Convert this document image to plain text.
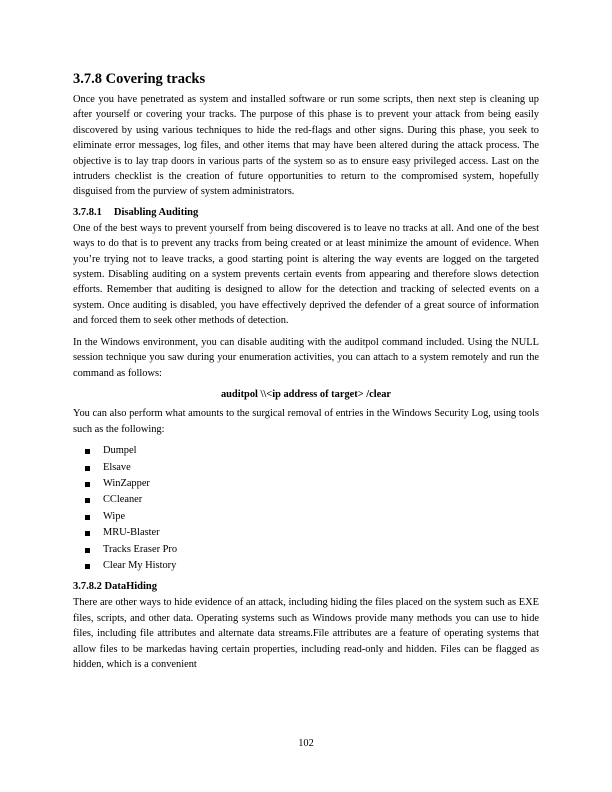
3.7.8 Covering tracks

Once you have penetrated as system and installed software or run some scripts, then next step is cleaning up after yourself or covering your tracks. The purpose of this phase is to prevent your attack from being easily discovered by using various techniques to hide the red-flags and other signs. During this phase, you seek to eliminate error messages, log files, and other items that may have been altered during the attack process. The objective is to lay trap doors in various parts of the system so as to ensure easy privileged access. Last on the intruders checklist is the creation of future opportunities to return to the compromised system, hopefully disguised from the purview of system administrators.

3.7.8.1 Disabling Auditing

One of the best ways to prevent yourself from being discovered is to leave no tracks at all. And one of the best ways to do that is to prevent any tracks from being created or at least minimize the amount of evidence. When you’re trying not to leave tracks, a good starting point is altering the way events are logged on the targeted system. Disabling auditing on a system prevents certain events from appearing and therefore slows detection efforts. Remember that auditing is designed to allow for the detection and tracking of selected events on a system. Once auditing is disabled, you have effectively deprived the defender of a great source of information and forced them to seek other methods of detection.

In the Windows environment, you can disable auditing with the auditpol command included. Using the NULL session technique you saw during your enumeration activities, you can attach to a system remotely and run the command as follows:

auditpol \\<ip address of target> /clear

You can also perform what amounts to the surgical removal of entries in the Windows Security Log, using tools such as the following:

Dumpel
Elsave
WinZapper
CCleaner
Wipe
MRU-Blaster
Tracks Eraser Pro
Clear My History
3.7.8.2 DataHiding

There are other ways to hide evidence of an attack, including hiding the files placed on the system such as EXE files, scripts, and other data. Operating systems such as Windows provide many methods you can use to hide files, including file attributes and alternate data streams.File attributes are a feature of operating systems that allow files to be markedas having certain properties, including read-only and hidden. Files can be flagged as hidden, which is a convenient

102
